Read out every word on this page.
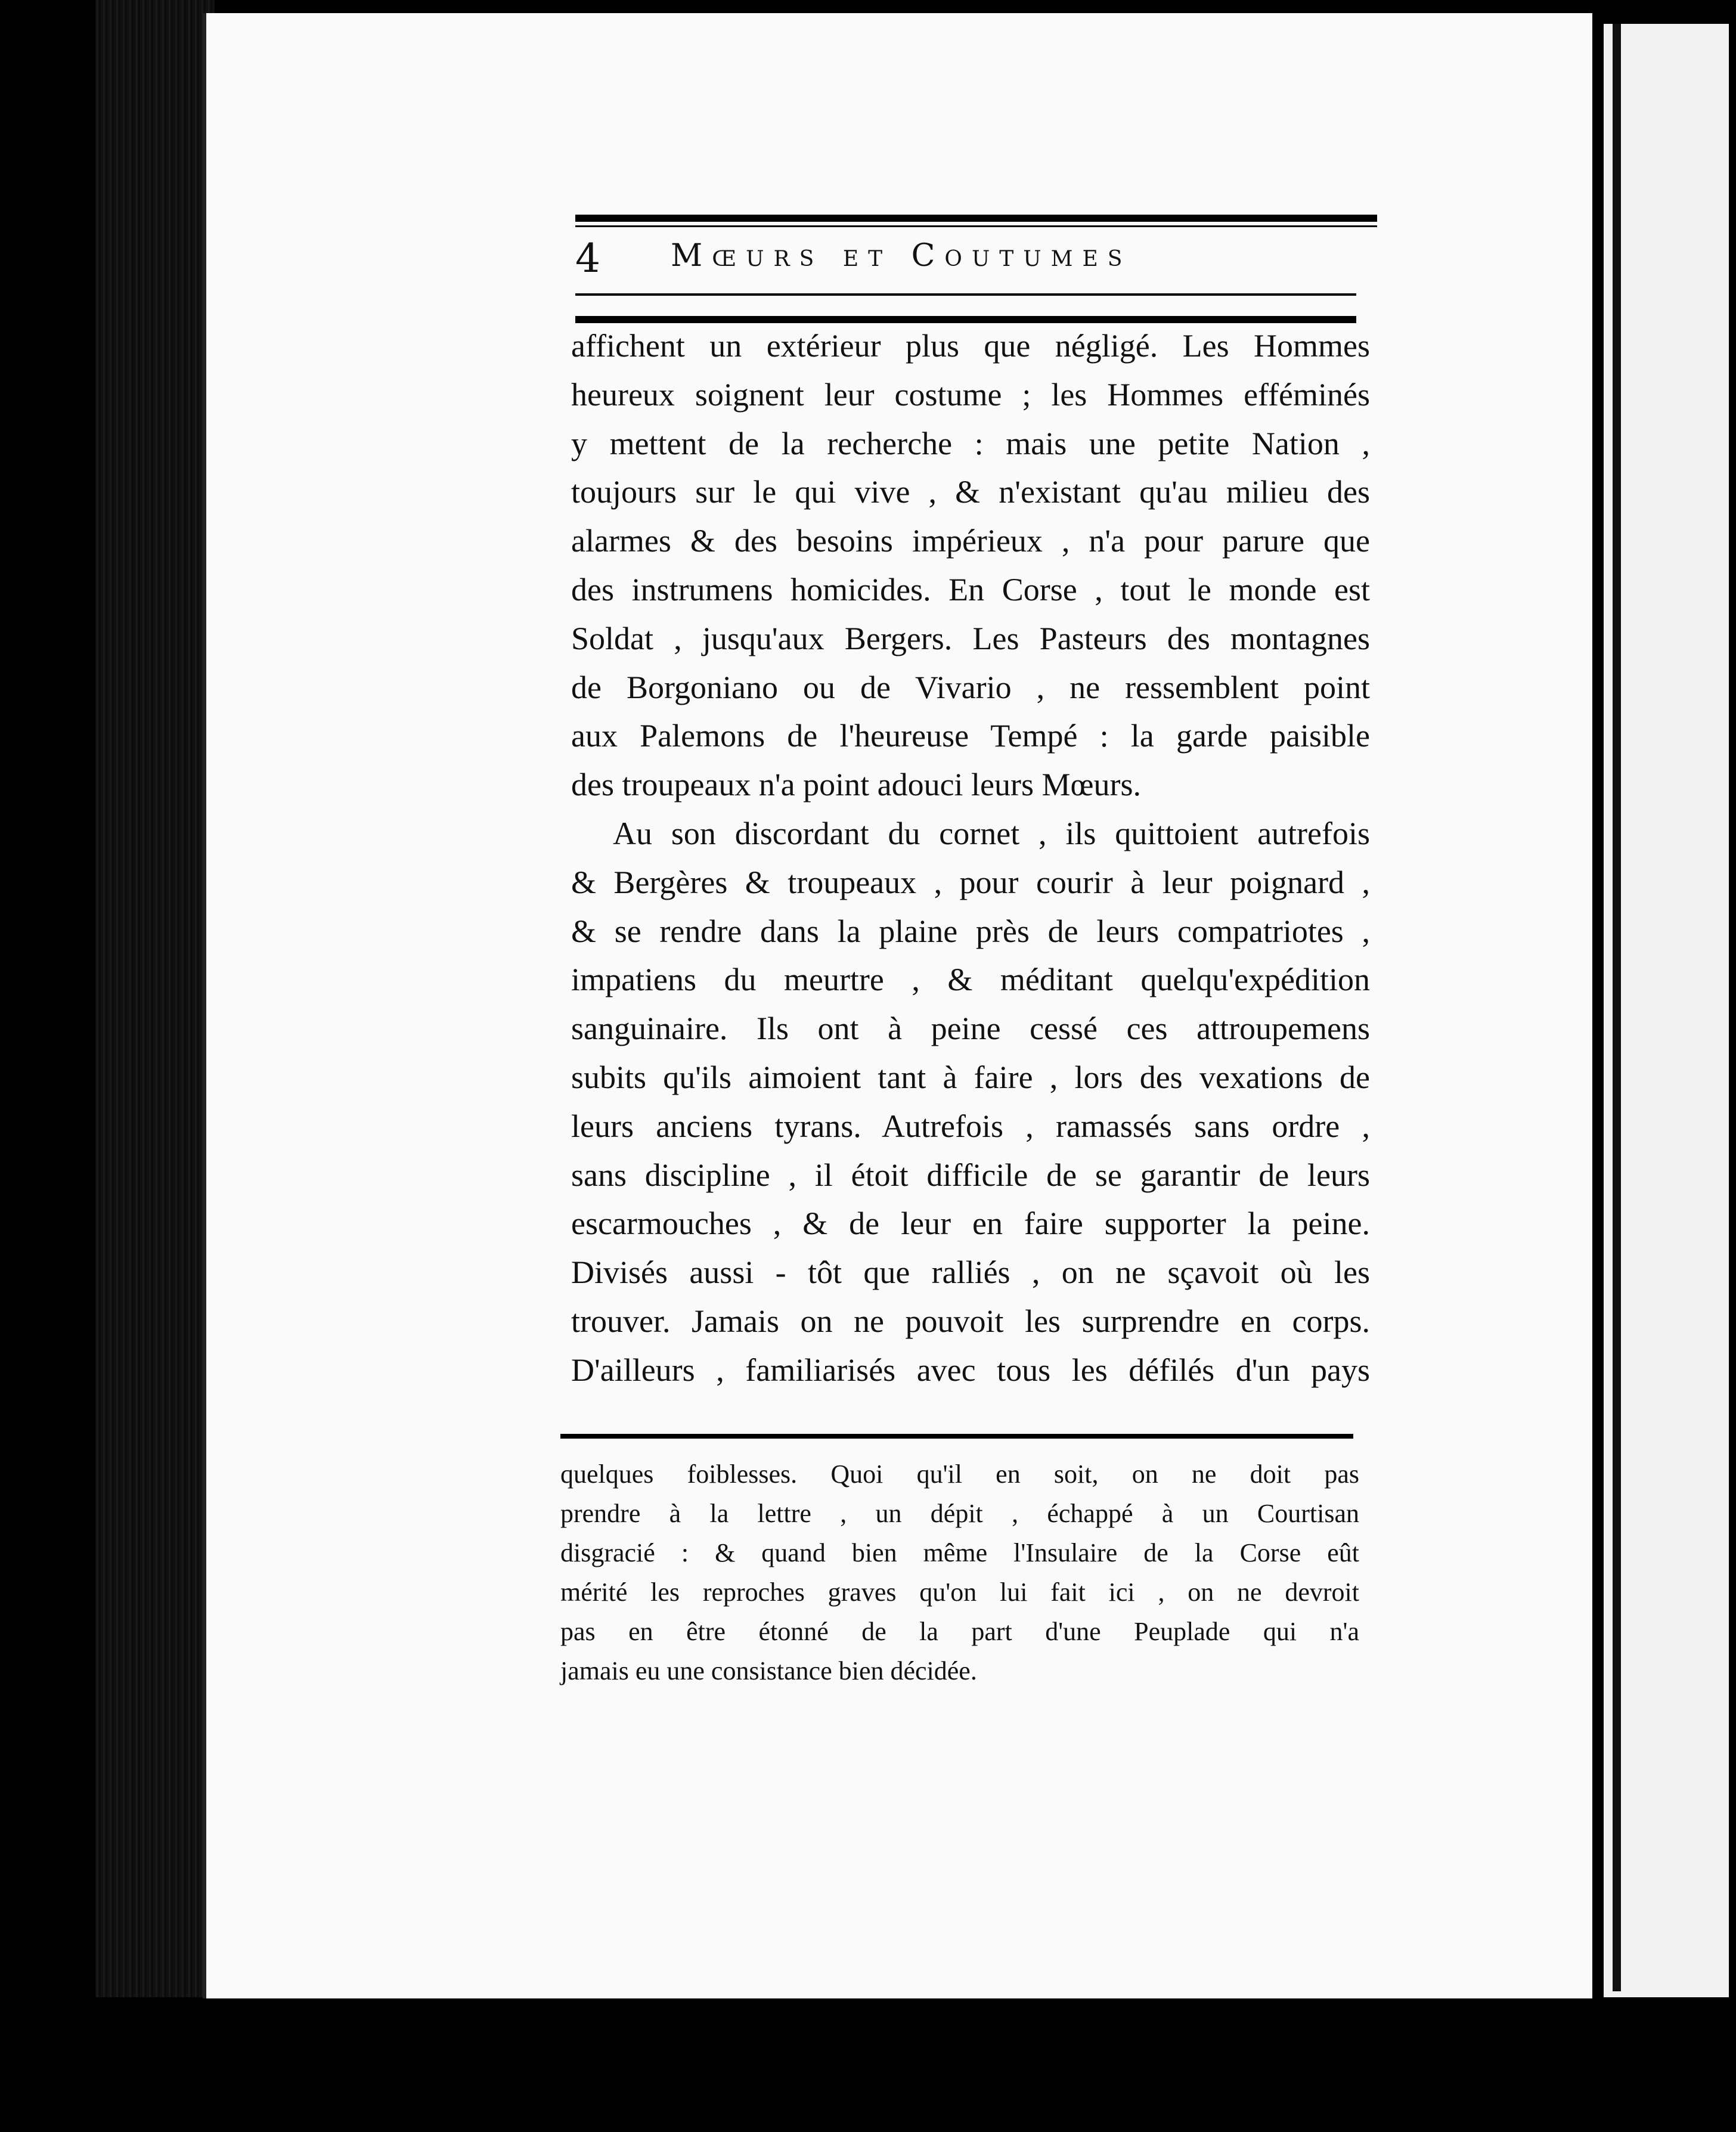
4 Mœurs et Coutumes
affichent un extérieur plus que négligé. Les Hommes
heureux soignent leur costume ; les Hommes efféminés
y mettent de la recherche : mais une petite Nation ,
toujours sur le qui vive , & n'existant qu'au milieu des
alarmes & des besoins impérieux , n'a pour parure que
des instrumens homicides. En Corse , tout le monde est
Soldat , jusqu'aux Bergers. Les Pasteurs des montagnes
de Borgoniano ou de Vivario , ne ressemblent point
aux Palemons de l'heureuse Tempé : la garde paisible
des troupeaux n'a point adouci leurs Mœurs.
Au son discordant du cornet , ils quittoient autrefois
& Bergères & troupeaux , pour courir à leur poignard ,
& se rendre dans la plaine près de leurs compatriotes ,
impatiens du meurtre , & méditant quelqu'expédition
sanguinaire. Ils ont à peine cessé ces attroupemens
subits qu'ils aimoient tant à faire , lors des vexations de
leurs anciens tyrans. Autrefois , ramassés sans ordre ,
sans discipline , il étoit difficile de se garantir de leurs
escarmouches , & de leur en faire supporter la peine.
Divisés aussi - tôt que ralliés , on ne sçavoit où les
trouver. Jamais on ne pouvoit les surprendre en corps.
D'ailleurs , familiarisés avec tous les défilés d'un pays
quelques foiblesses. Quoi qu'il en soit, on ne doit pas
prendre à la lettre , un dépit , échappé à un Courtisan
disgracié : & quand bien même l'Insulaire de la Corse eût
mérité les reproches graves qu'on lui fait ici , on ne devroit
pas en être étonné de la part d'une Peuplade qui n'a
jamais eu une consistance bien décidée.
